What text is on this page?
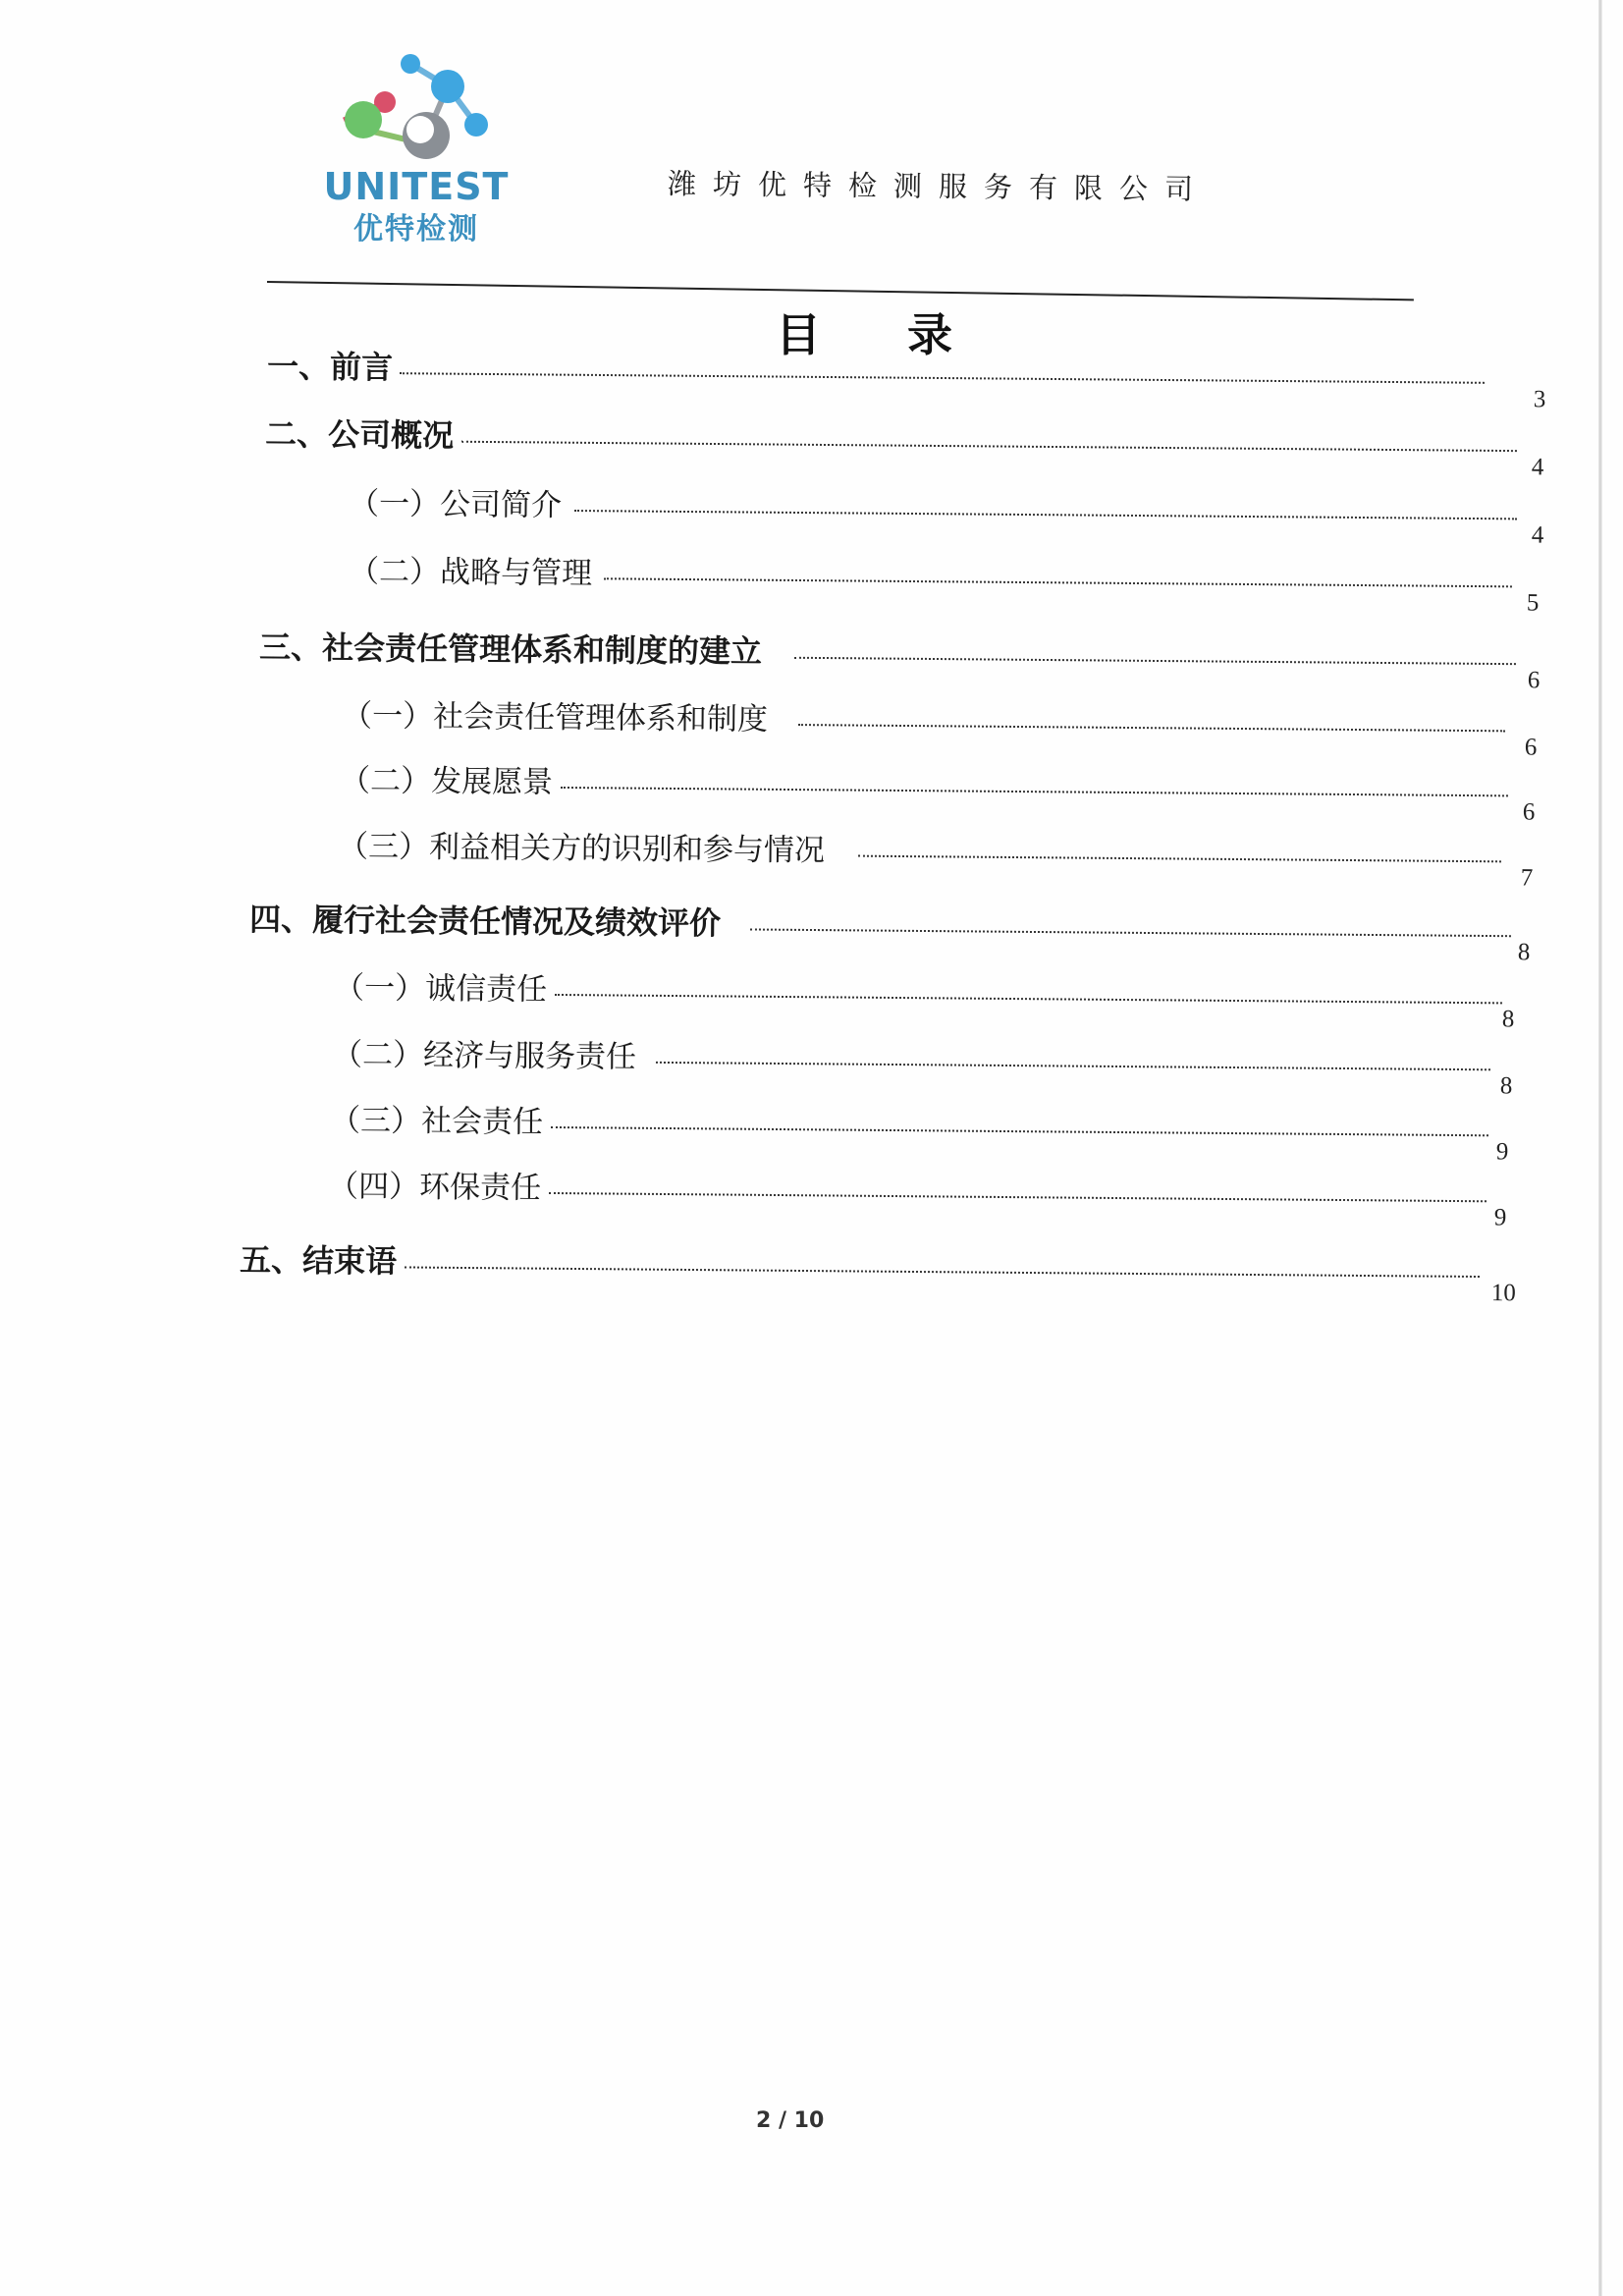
UNITEST
优特检测
潍坊优特检测服务有限公司
目 录
一、前言
3
二、公司概况
4
（一）公司简介
4
（二）战略与管理
5
三、社会责任管理体系和制度的建立
6
（一）社会责任管理体系和制度
6
（二）发展愿景
6
（三）利益相关方的识别和参与情况
7
四、履行社会责任情况及绩效评价
8
（一）诚信责任
8
（二）经济与服务责任
8
（三）社会责任
9
（四）环保责任
9
五、结束语
10
2 / 10
